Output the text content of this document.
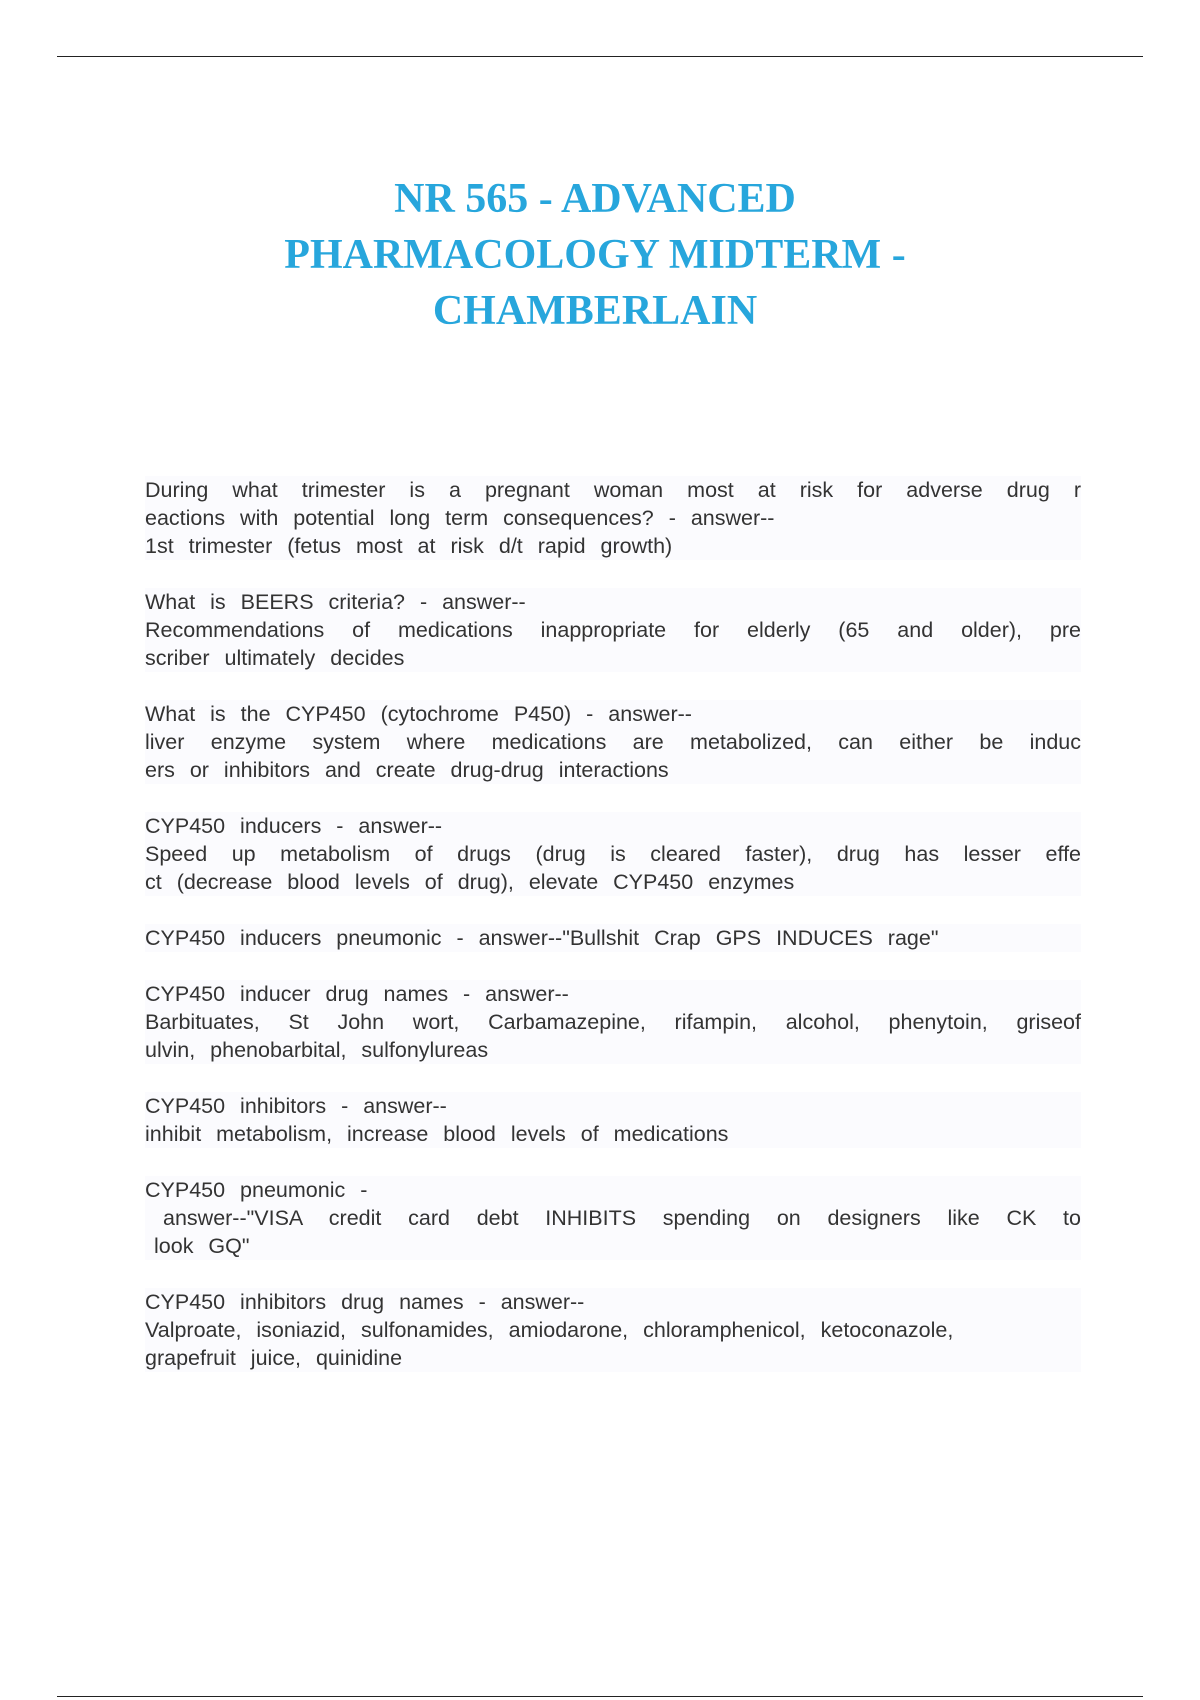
NR 565 - ADVANCED
PHARMACOLOGY MIDTERM -
CHAMBERLAIN
During what trimester is a pregnant woman most at risk for adverse drug r
eactions with potential long term consequences? - answer--
1st trimester (fetus most at risk d/t rapid growth)
What is BEERS criteria? - answer--
Recommendations of medications inappropriate for elderly (65 and older), pre
scriber ultimately decides
What is the CYP450 (cytochrome P450) - answer--
liver enzyme system where medications are metabolized, can either be induc
ers or inhibitors and create drug-drug interactions
CYP450 inducers - answer--
Speed up metabolism of drugs (drug is cleared faster), drug has lesser effe
ct (decrease blood levels of drug), elevate CYP450 enzymes
CYP450 inducers pneumonic - answer--"Bullshit Crap GPS INDUCES rage"
CYP450 inducer drug names - answer--
Barbituates, St John wort, Carbamazepine, rifampin, alcohol, phenytoin, griseof
ulvin, phenobarbital, sulfonylureas
CYP450 inhibitors - answer--
inhibit metabolism, increase blood levels of medications
CYP450 pneumonic -
answer--"VISA credit card debt INHIBITS spending on designers like CK to
look GQ"
CYP450 inhibitors drug names - answer--
Valproate, isoniazid, sulfonamides, amiodarone, chloramphenicol, ketoconazole,
grapefruit juice, quinidine
